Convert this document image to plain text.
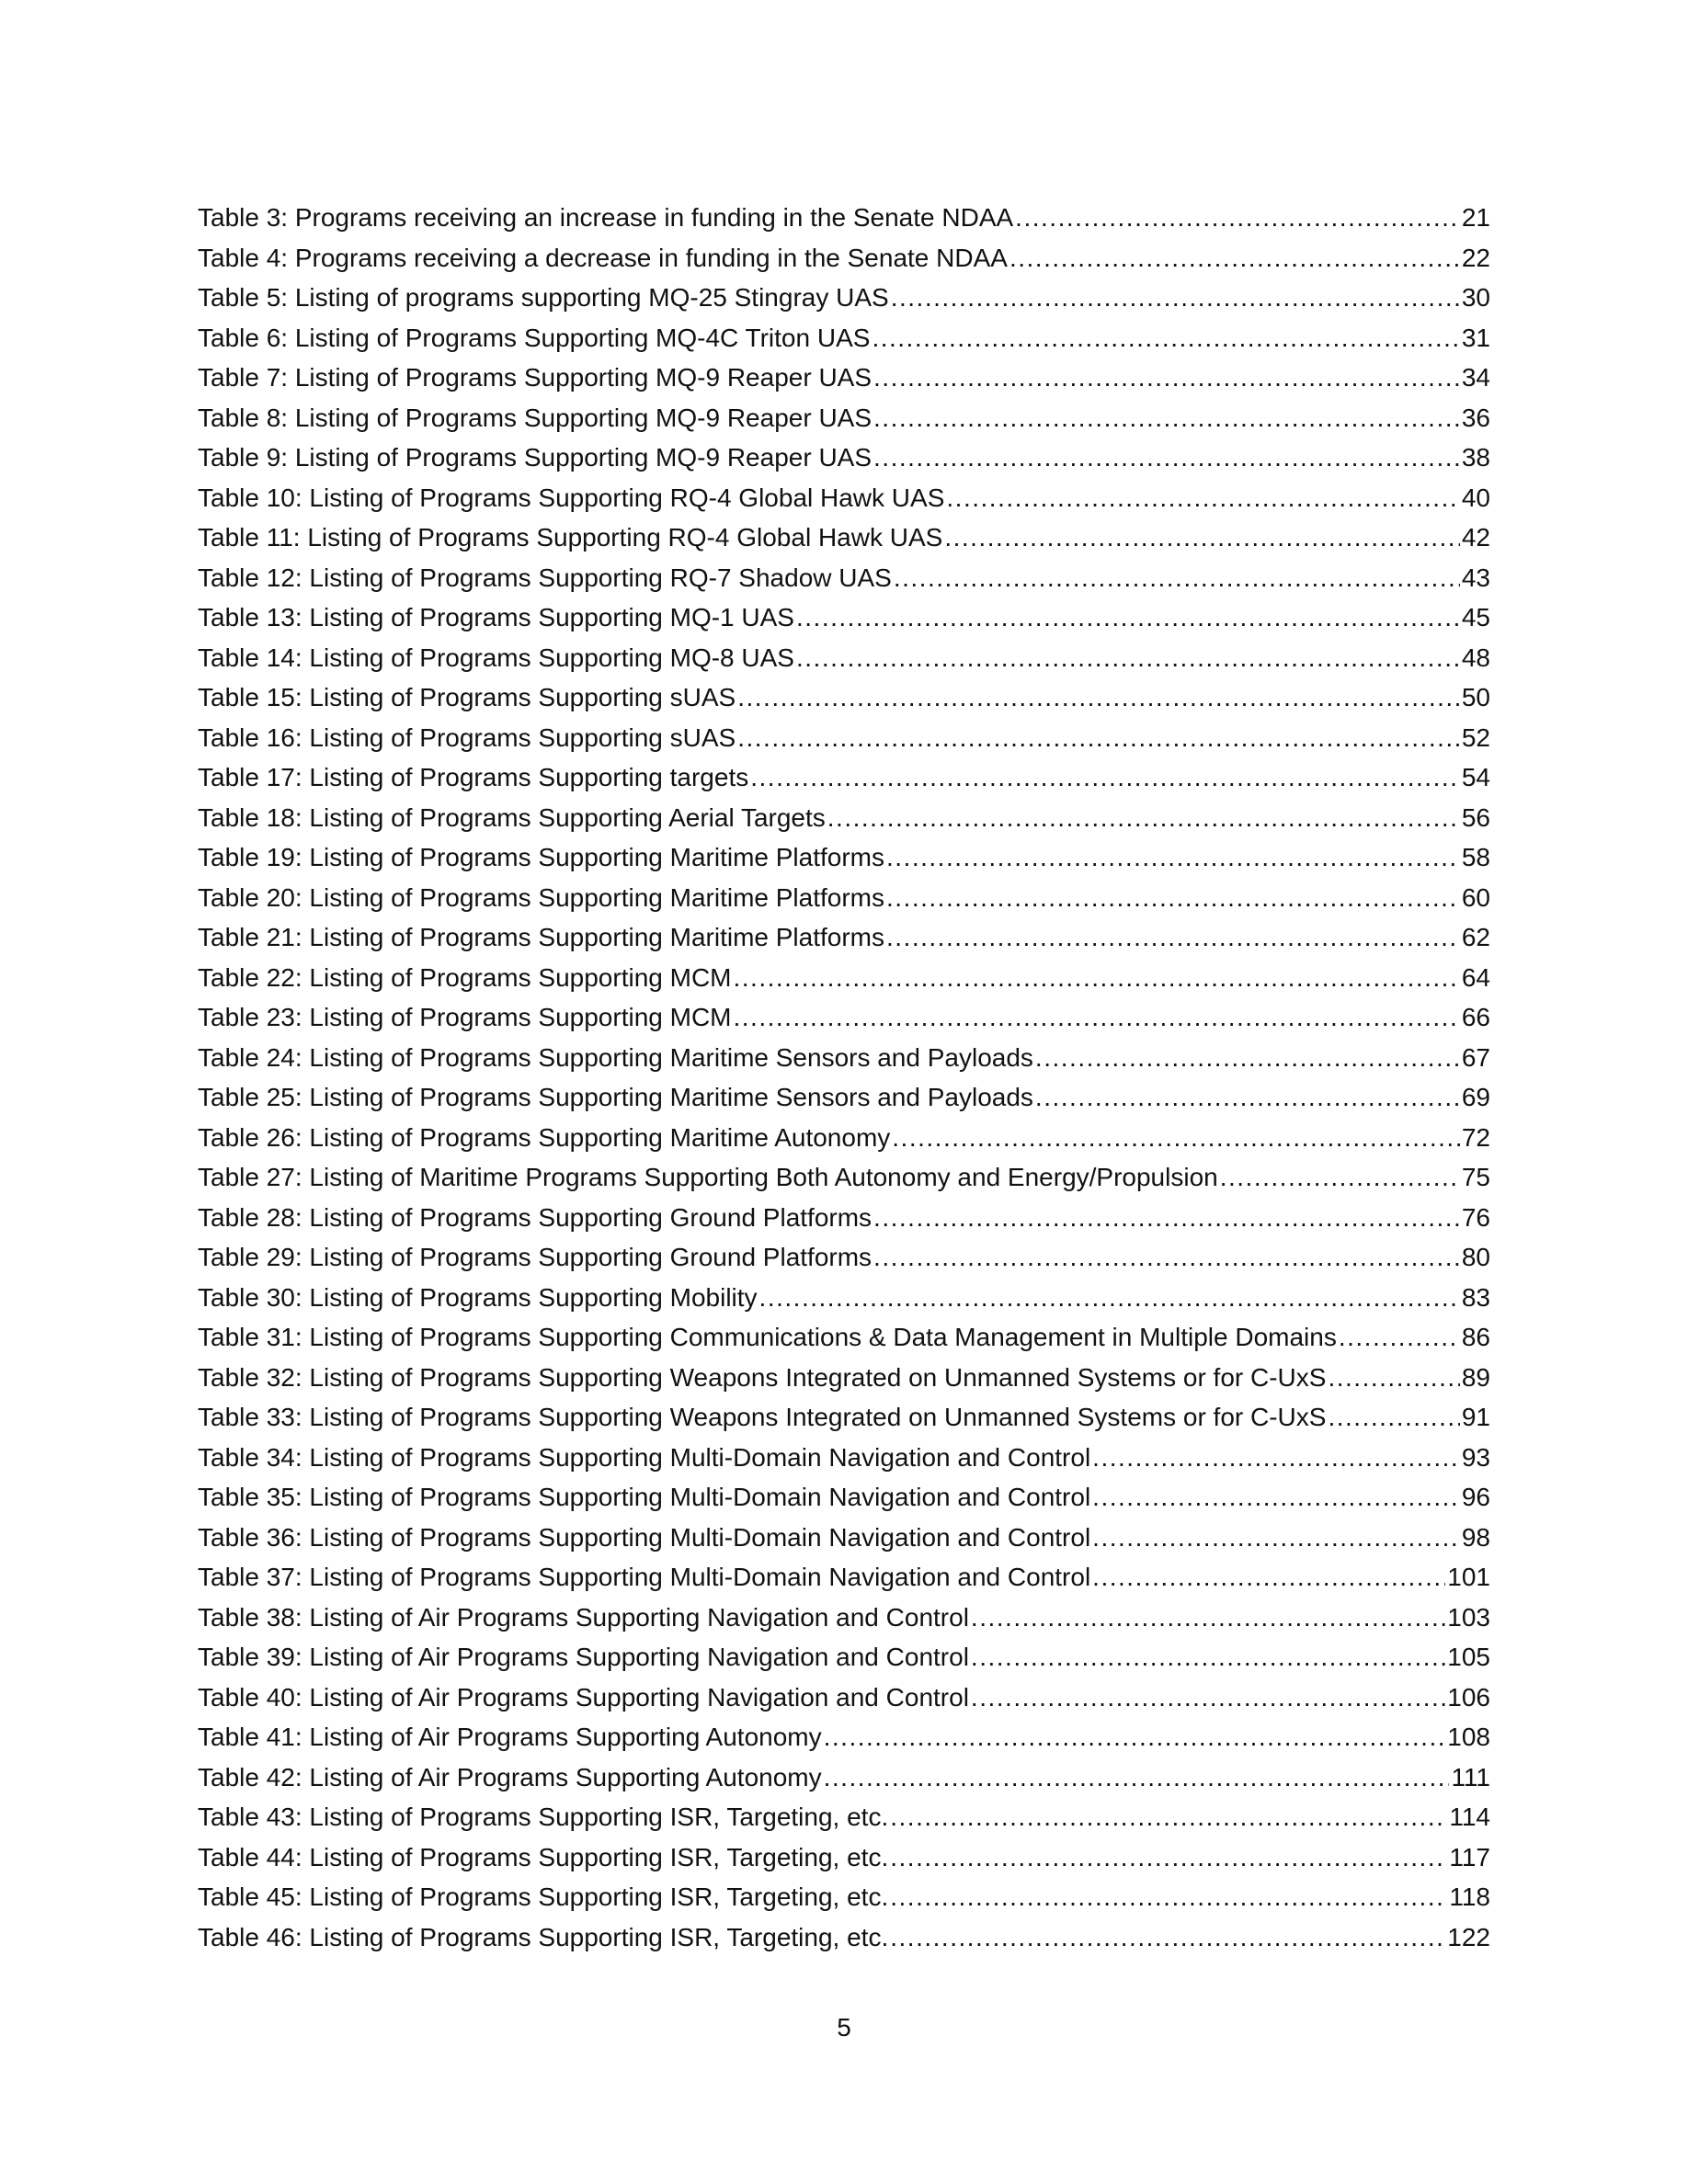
Table 3: Programs receiving an increase in funding in the Senate NDAA .....	21
Table 4: Programs receiving a decrease in funding in the Senate NDAA .....	22
Table 5: Listing of programs supporting MQ-25 Stingray UAS .....	30
Table 6: Listing of Programs Supporting MQ-4C Triton UAS .....	31
Table 7: Listing of Programs Supporting MQ-9 Reaper UAS .....	34
Table 8: Listing of Programs Supporting MQ-9 Reaper UAS .....	36
Table 9: Listing of Programs Supporting MQ-9 Reaper UAS .....	38
Table 10: Listing of Programs Supporting RQ-4 Global Hawk UAS .....	40
Table 11: Listing of Programs Supporting RQ-4 Global Hawk UAS .....	42
Table 12: Listing of Programs Supporting RQ-7 Shadow UAS .....	43
Table 13: Listing of Programs Supporting MQ-1 UAS .....	45
Table 14: Listing of Programs Supporting MQ-8 UAS .....	48
Table 15: Listing of Programs Supporting sUAS .....	50
Table 16: Listing of Programs Supporting sUAS .....	52
Table 17: Listing of Programs Supporting targets .....	54
Table 18: Listing of Programs Supporting Aerial Targets .....	56
Table 19: Listing of Programs Supporting Maritime Platforms .....	58
Table 20: Listing of Programs Supporting Maritime Platforms .....	60
Table 21: Listing of Programs Supporting Maritime Platforms .....	62
Table 22: Listing of Programs Supporting MCM .....	64
Table 23: Listing of Programs Supporting MCM .....	66
Table 24: Listing of Programs Supporting Maritime Sensors and Payloads .....	67
Table 25: Listing of Programs Supporting Maritime Sensors and Payloads .....	69
Table 26: Listing of Programs Supporting Maritime Autonomy .....	72
Table 27: Listing of Maritime Programs Supporting Both Autonomy and Energy/Propulsion .....	75
Table 28: Listing of Programs Supporting Ground Platforms .....	76
Table 29: Listing of Programs Supporting Ground Platforms .....	80
Table 30: Listing of Programs Supporting Mobility .....	83
Table 31: Listing of Programs Supporting Communications & Data Management in Multiple Domains .....	86
Table 32: Listing of Programs Supporting Weapons Integrated on Unmanned Systems or for C-UxS .....	89
Table 33: Listing of Programs Supporting Weapons Integrated on Unmanned Systems or for C-UxS .....	91
Table 34: Listing of Programs Supporting Multi-Domain Navigation and Control .....	93
Table 35: Listing of Programs Supporting Multi-Domain Navigation and Control .....	96
Table 36: Listing of Programs Supporting Multi-Domain Navigation and Control .....	98
Table 37: Listing of Programs Supporting Multi-Domain Navigation and Control .....	101
Table 38: Listing of Air Programs Supporting Navigation and Control .....	103
Table 39: Listing of Air Programs Supporting Navigation and Control .....	105
Table 40: Listing of Air Programs Supporting Navigation and Control .....	106
Table 41: Listing of Air Programs Supporting Autonomy .....	108
Table 42: Listing of Air Programs Supporting Autonomy .....	111
Table 43: Listing of Programs Supporting ISR, Targeting, etc. .....	114
Table 44: Listing of Programs Supporting ISR, Targeting, etc. .....	117
Table 45: Listing of Programs Supporting ISR, Targeting, etc. .....	118
Table 46: Listing of Programs Supporting ISR, Targeting, etc. .....	122
5
